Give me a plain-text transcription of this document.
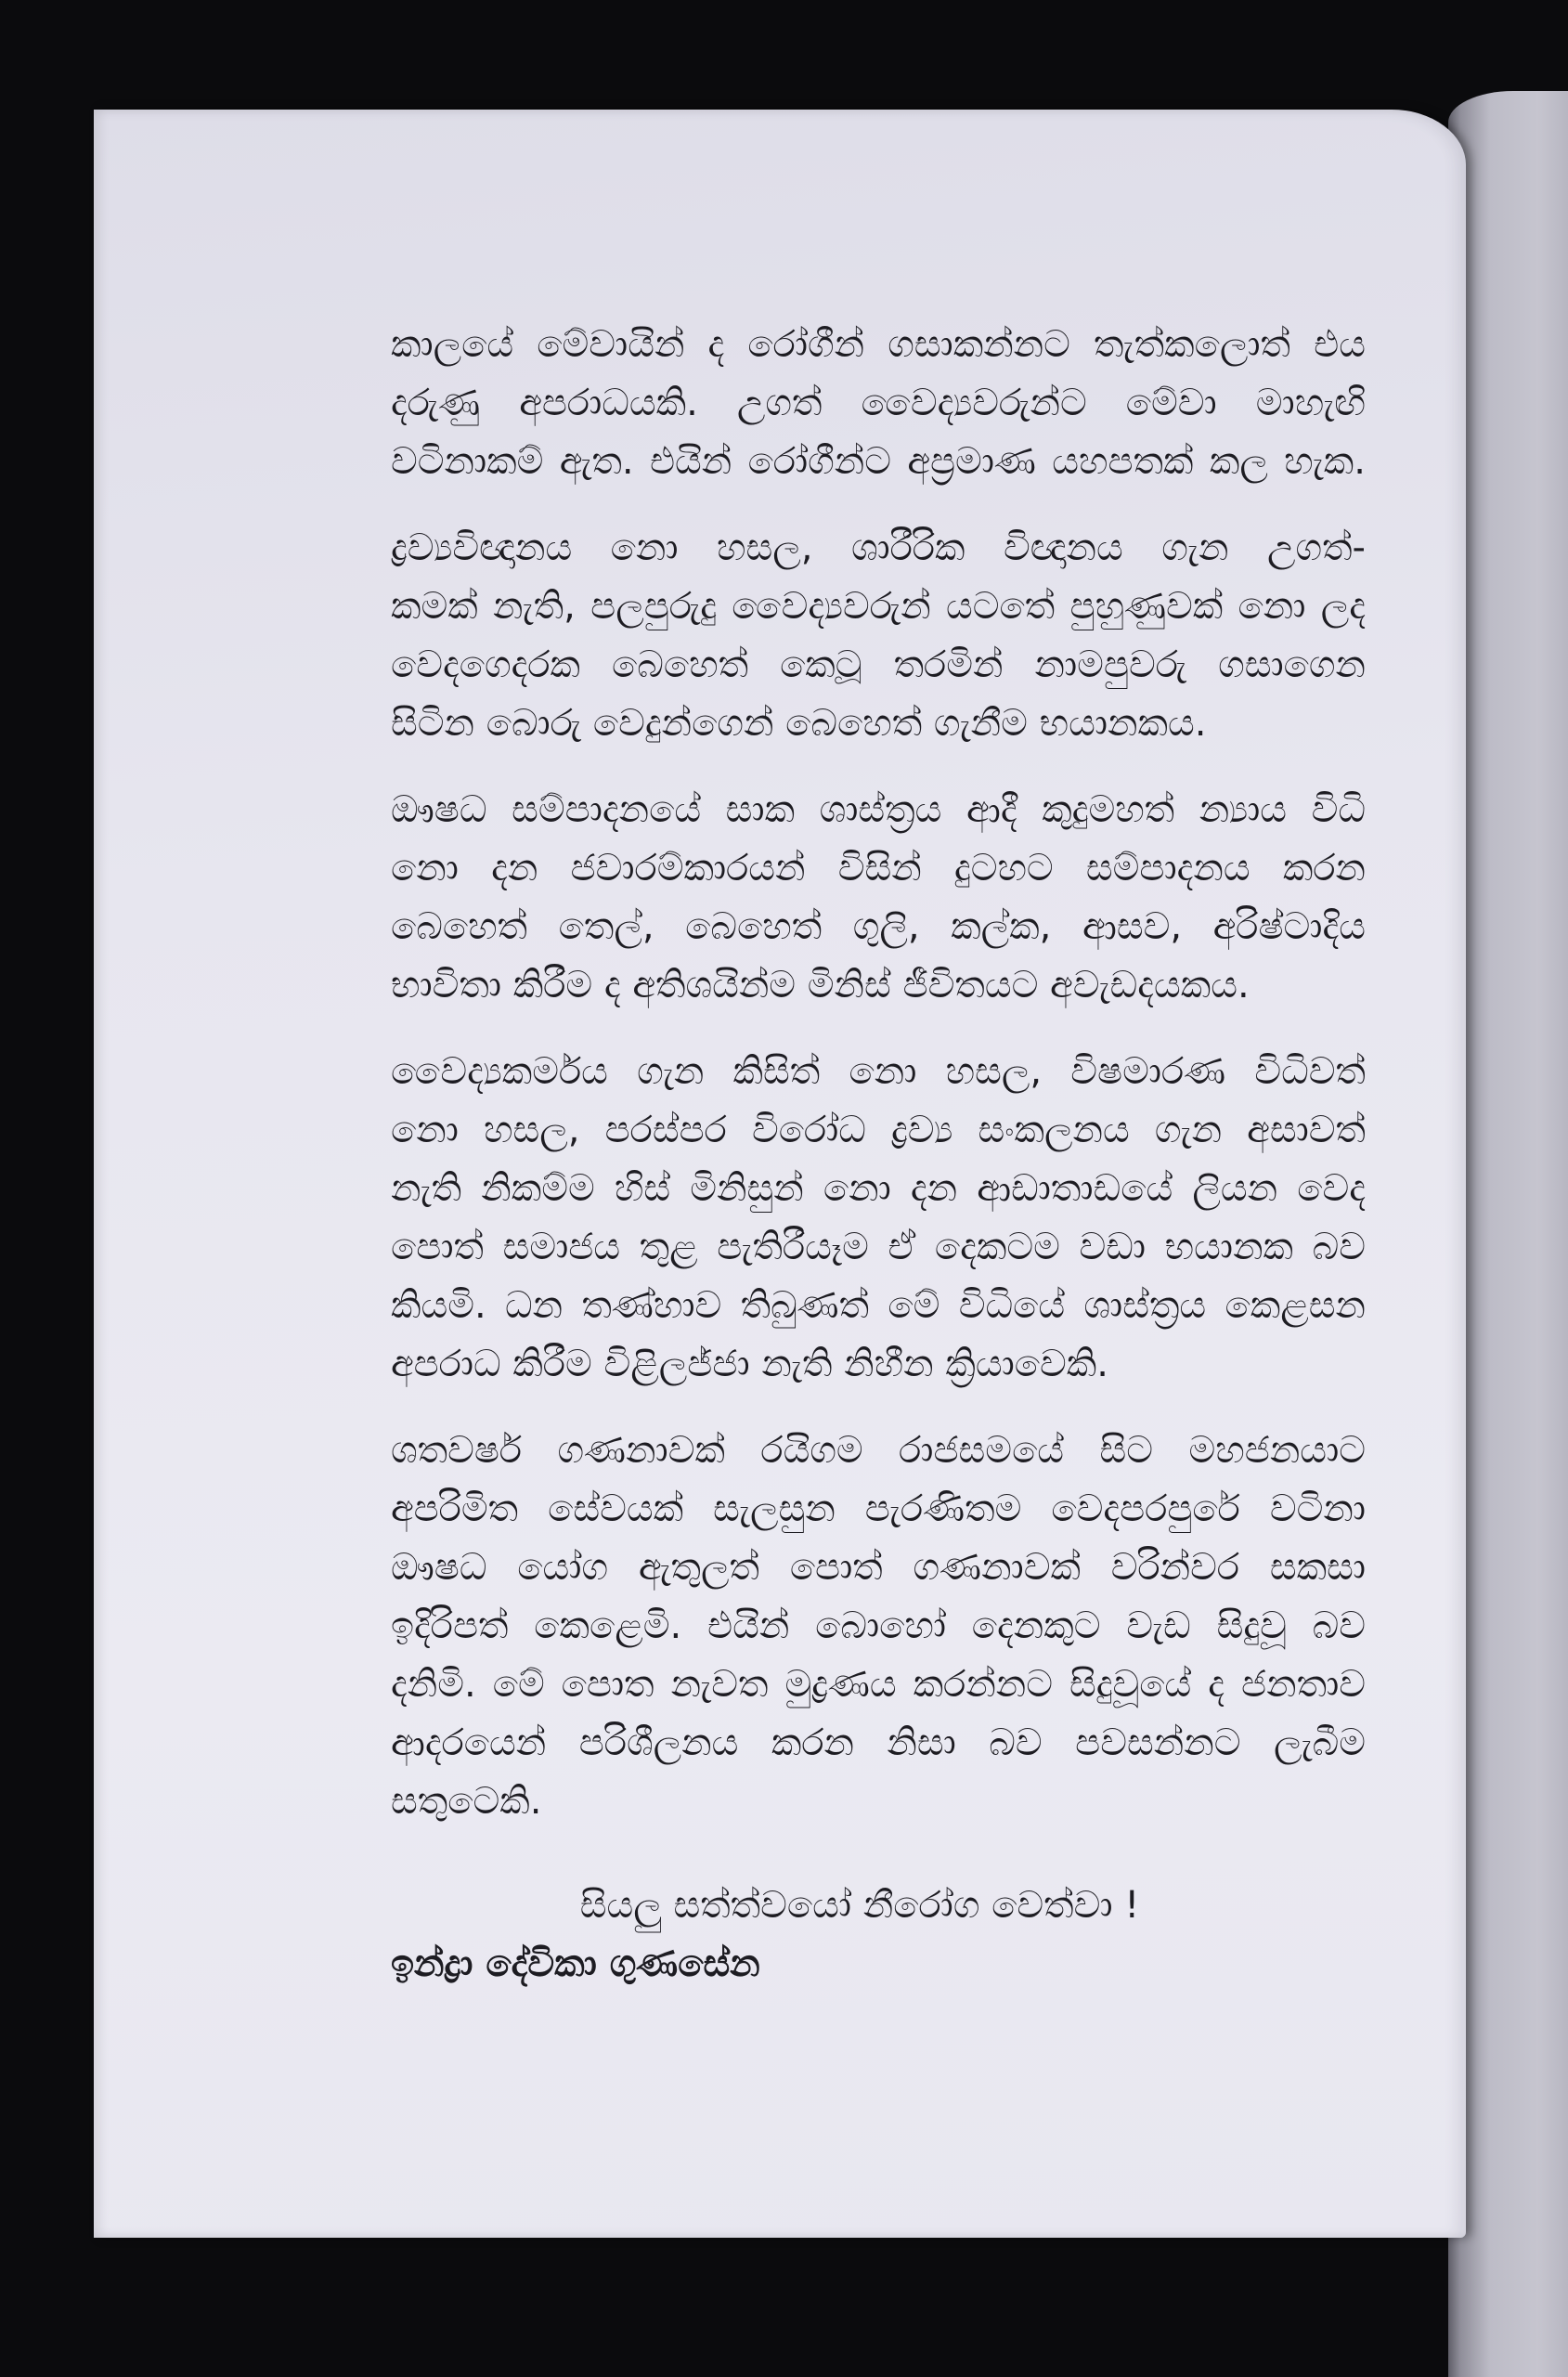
කාලයේ මේවායින් ද රෝගීන් ගසාකන්නට තැත්කලොත් එය
දරුණු අපරාධයකි. උගත් වෛද්‍යවරුන්ට මේවා මාහැඟි
වටිනාකම් ඇත. එයින් රෝගීන්ට අප්‍රමාණ යහපතක් කල හැක.
ද්‍රව්‍යවිඥානය නො හසල, ශාරීරික විඥානය ගැන උගත්-
කමක් නැති, පලපුරුදු වෛද්‍යවරුන් යටතේ පුහුණුවක් නො ලද
වෙදගෙදරක බෙහෙත් කෙටූ තරමින් නාමපුවරු ගසාගෙන
සිටින බොරු වෙදුන්ගෙන් බෙහෙත් ගැනීම භයානකය.
ඖෂධ සම්පාදනයේ සාක ශාස්ත්‍රය ආදී කුදුමහත් න්‍යාය විධි
නො දන ජවාරම්කාරයන් විසින් දුටහට සම්පාදනය කරන
බෙහෙත් තෙල්, බෙහෙත් ගුලි, කල්ක, ආසව, අරිෂ්ටාදිය
භාවිතා කිරීම ද අතිශයින්ම මිනිස් ජීවිතයට අවැඩදයකය.
වෛද්‍යකර්මය ගැන කිසිත් නො හසල, විෂමාරණ විධිවත්
නො හසල, පරස්පර විරෝධ ද්‍රව්‍ය සංකලනය ගැන අසාවත්
නැති නිකම්ම හිස් මිනිසුන් නො දන ආඩාතාඩයේ ලියන වෙද
පොත් සමාජය තුළ පැතිරීයෑම ඒ දෙකටම වඩා භයානක බව
කියමි. ධන තණ්හාව තිබුණත් මේ විධියේ ශාස්ත්‍රය කෙළසන
අපරාධ කිරීම විළිලජ්ජා නැති නිහීන ක්‍රියාවෙකි.
ශතවර්ෂ ගණනාවක් රයිගම රාජසමයේ සිට මහජනයාට
අපරිමිත සේවයක් සැලසුන පැරණිතම වෙදපරපුරේ වටිනා
ඖෂධ යෝග ඇතුලත් පොත් ගණනාවක් වරින්වර සකසා
ඉදිරිපත් කෙළෙමි. එයින් බොහෝ දෙනකුට වැඩ සිදුවූ බව
දනිමි. මේ පොත නැවත මුද්‍රණය කරන්නට සිදුවූයේ ද ජනතාව
ආදරයෙන් පරිශීලනය කරන නිසා බව පවසන්නට ලැබීම
සතුටෙකි.
සියලු සත්ත්වයෝ නීරෝග වෙත්වා !
ඉන්ද්‍රා දේවිකා ගුණසේන
